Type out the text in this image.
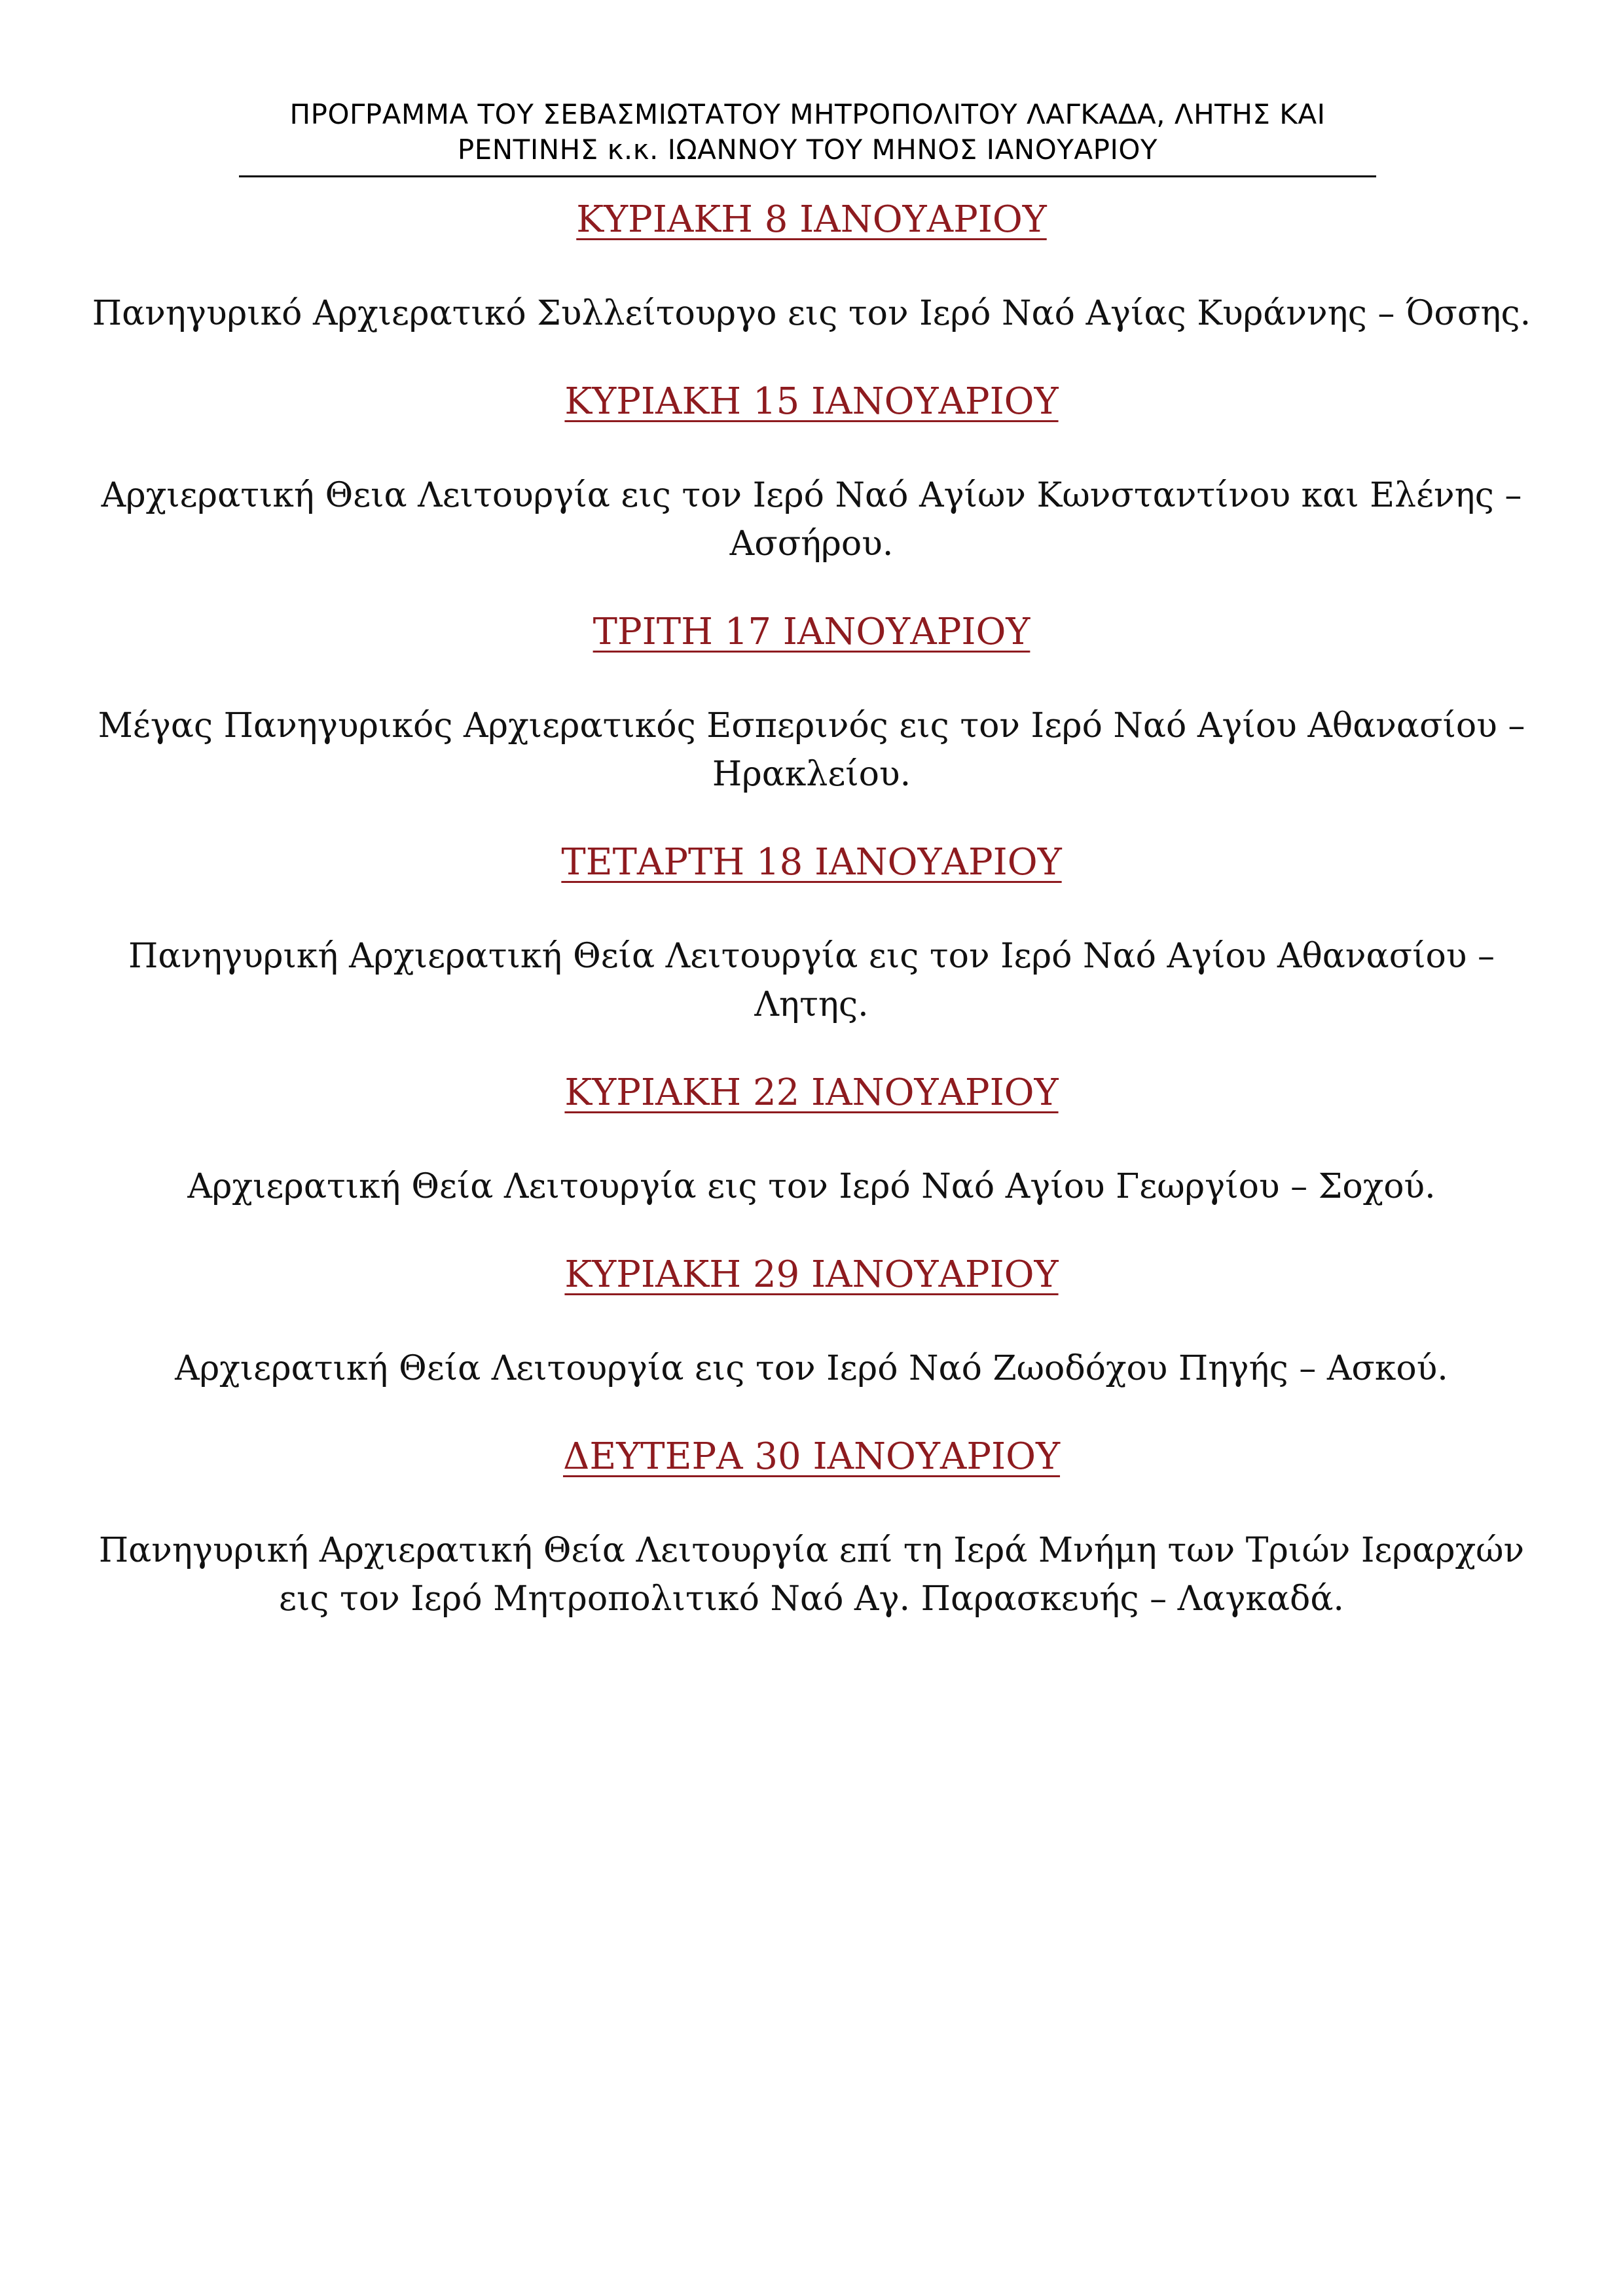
ΠΡΟΓΡΑΜΜΑ ΤΟΥ ΣΕΒΑΣΜΙΩΤΑΤΟΥ ΜΗΤΡΟΠΟΛΙΤΟΥ ΛΑΓΚΑΔΑ, ΛΗΤΗΣ ΚΑΙ
ΡΕΝΤΙΝΗΣ κ.κ. ΙΩΑΝΝΟΥ ΤΟΥ ΜΗΝΟΣ ΙΑΝΟΥΑΡΙΟΥ

ΚΥΡΙΑΚΗ 8 ΙΑΝΟΥΑΡΙΟΥ

Πανηγυρικό Αρχιερατικό Συλλείτουργο εις τον Ιερό Ναό Αγίας Κυράννης – Όσσης.

ΚΥΡΙΑΚΗ 15 ΙΑΝΟΥΑΡΙΟΥ

Αρχιερατική Θεια Λειτουργία εις τον Ιερό Ναό Αγίων Κωνσταντίνου και Ελένης –
Ασσήρου.

ΤΡΙΤΗ 17 ΙΑΝΟΥΑΡΙΟΥ

Μέγας Πανηγυρικός Αρχιερατικός Εσπερινός εις τον Ιερό Ναό Αγίου Αθανασίου –
Ηρακλείου.

ΤΕΤΑΡΤΗ 18 ΙΑΝΟΥΑΡΙΟΥ

Πανηγυρική Αρχιερατική Θεία Λειτουργία εις τον Ιερό Ναό Αγίου Αθανασίου –
Λητης.

ΚΥΡΙΑΚΗ 22 ΙΑΝΟΥΑΡΙΟΥ

Αρχιερατική Θεία Λειτουργία εις τον Ιερό Ναό Αγίου Γεωργίου – Σοχού.

ΚΥΡΙΑΚΗ 29 ΙΑΝΟΥΑΡΙΟΥ

Αρχιερατική Θεία Λειτουργία εις τον Ιερό Ναό Ζωοδόχου Πηγής – Ασκού.

ΔΕΥΤΕΡΑ 30 ΙΑΝΟΥΑΡΙΟΥ

Πανηγυρική Αρχιερατική Θεία Λειτουργία επί τη Ιερά Μνήμη των Τριών Ιεραρχών
εις τον Ιερό Μητροπολιτικό Ναό Αγ. Παρασκευής – Λαγκαδά.
